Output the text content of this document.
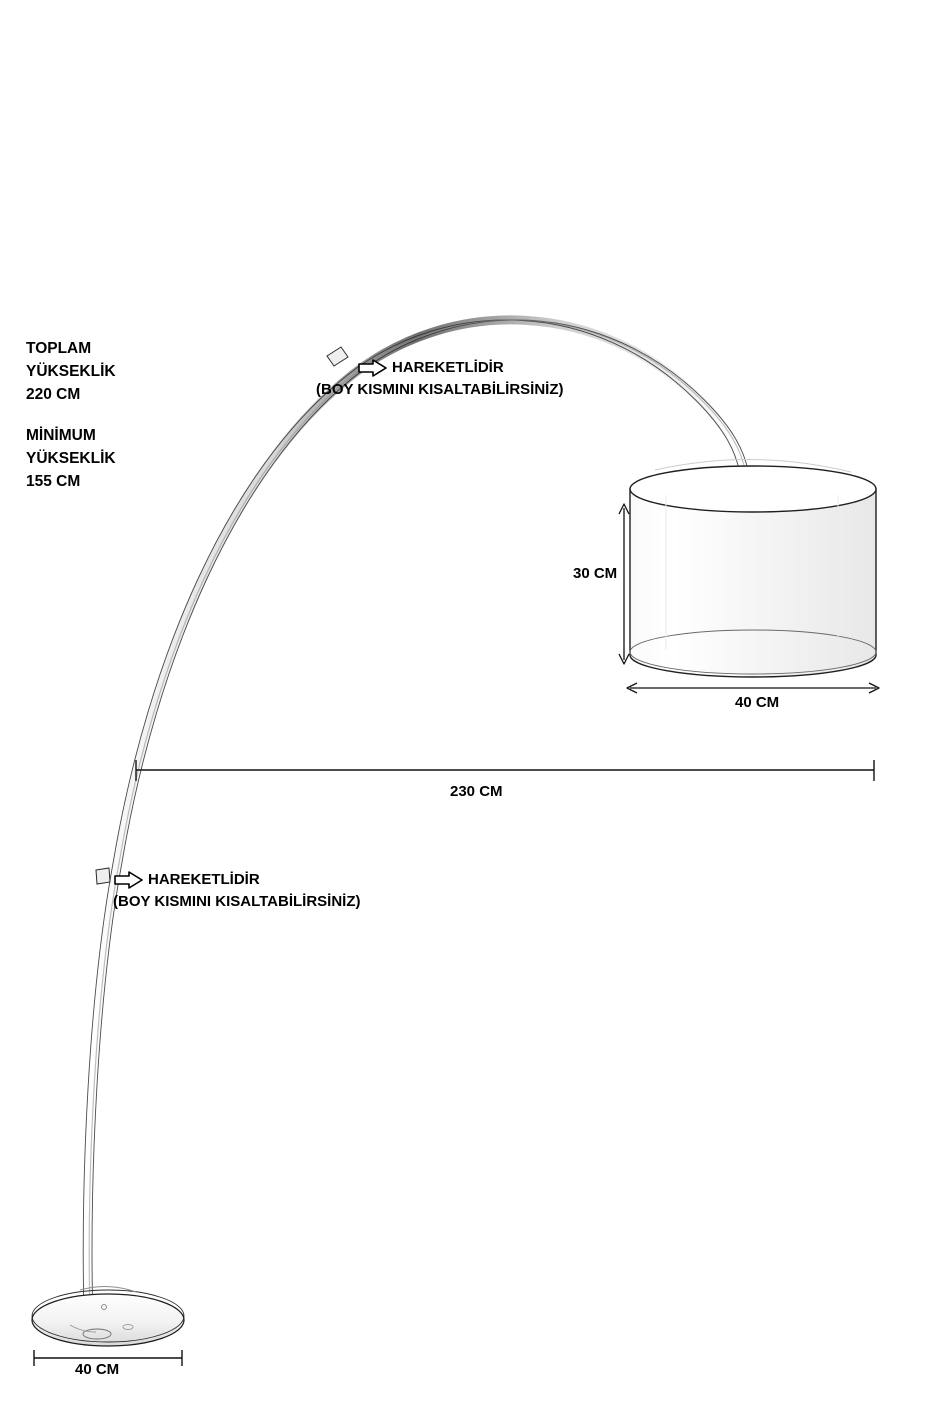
TOPLAM
YÜKSEKLİK
220 CM
MİNİMUM
YÜKSEKLİK
155 CM
HAREKETLİDİR
(BOY KISMINI KISALTABİLİRSİNİZ)
HAREKETLİDİR
(BOY KISMINI KISALTABİLİRSİNİZ)
30 CM
40 CM
230 CM
40 CM
